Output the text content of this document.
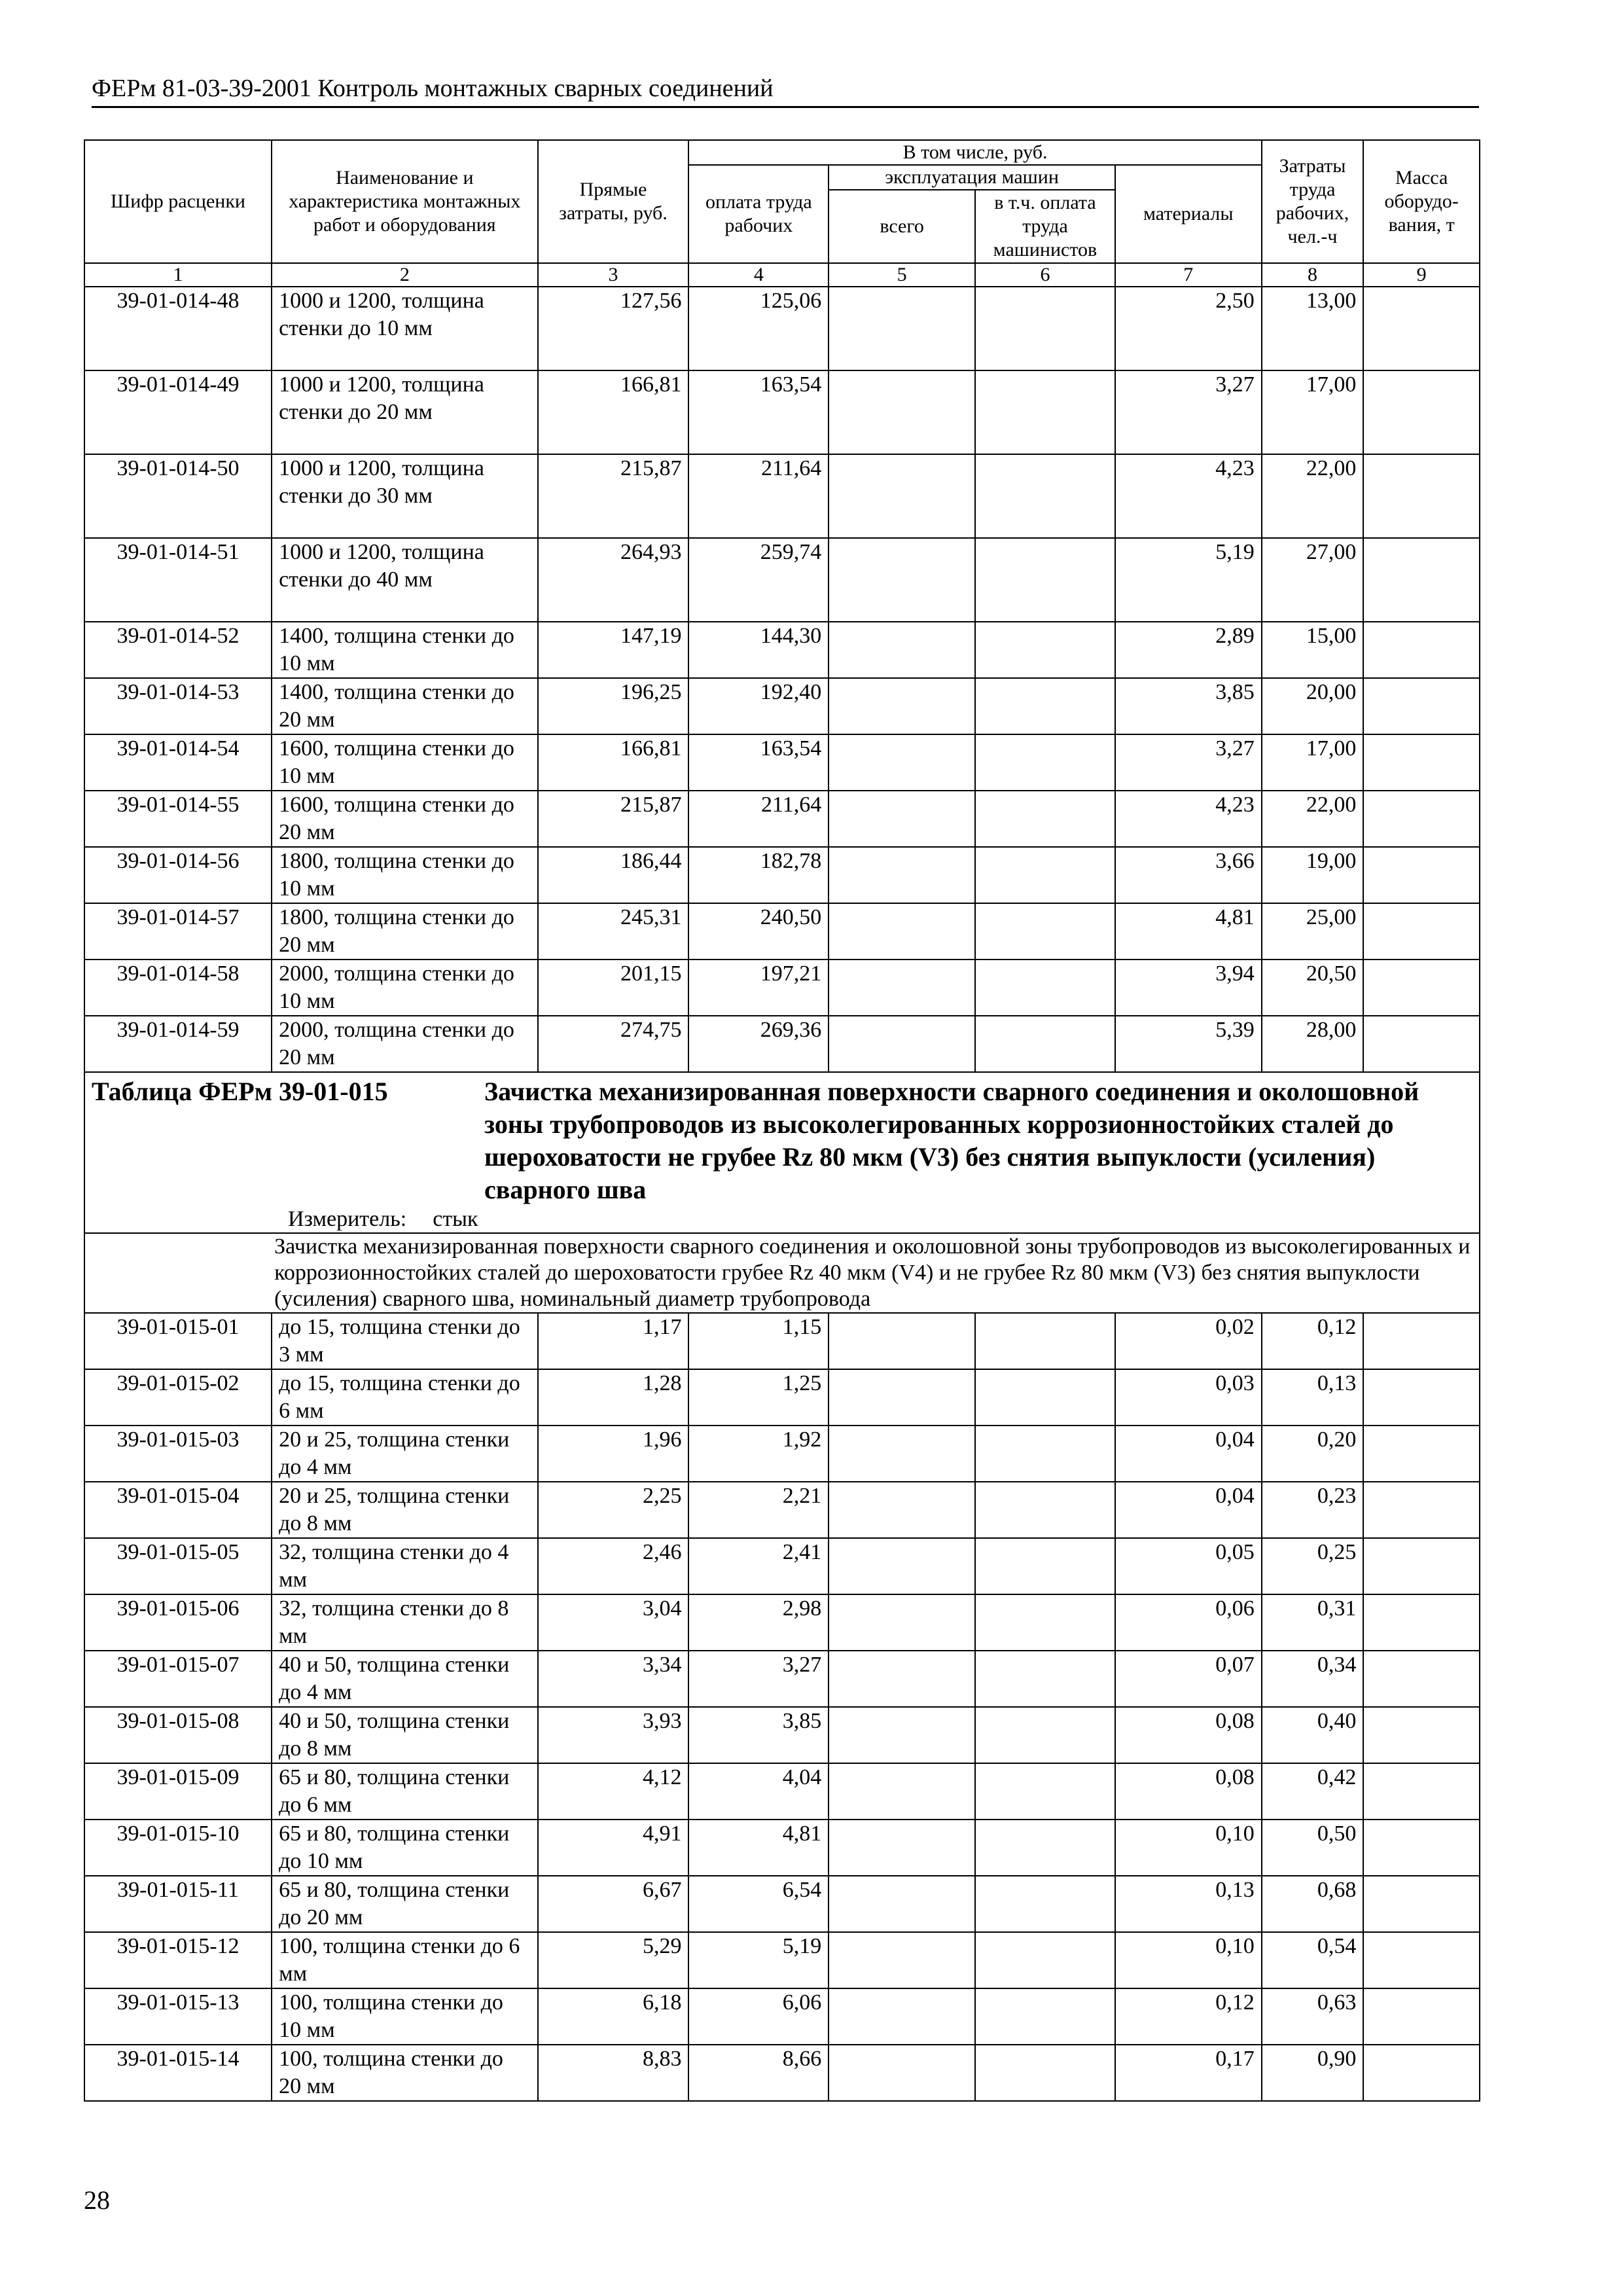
ФЕРм 81-03-39-2001 Контроль монтажных сварных соединений
Шифр расценки	Наименование и характеристика монтажных работ и оборудования	Прямые затраты, руб.	В том числе, руб.				Затраты труда рабочих, чел.-ч	Масса оборудо-вания, т
			оплата труда рабочих	эксплуатация машин		материалы		
				всего	в т.ч. оплата труда машинистов			
1	2	3	4	5	6	7	8	9
39-01-014-48	1000 и 1200, толщина стенки до 10 мм	127,56	125,06			2,50	13,00	
39-01-014-49	1000 и 1200, толщина стенки до 20 мм	166,81	163,54			3,27	17,00	
39-01-014-50	1000 и 1200, толщина стенки до 30 мм	215,87	211,64			4,23	22,00	
39-01-014-51	1000 и 1200, толщина стенки до 40 мм	264,93	259,74			5,19	27,00	
39-01-014-52	1400, толщина стенки до 10 мм	147,19	144,30			2,89	15,00	
39-01-014-53	1400, толщина стенки до 20 мм	196,25	192,40			3,85	20,00	
39-01-014-54	1600, толщина стенки до 10 мм	166,81	163,54			3,27	17,00	
39-01-014-55	1600, толщина стенки до 20 мм	215,87	211,64			4,23	22,00	
39-01-014-56	1800, толщина стенки до 10 мм	186,44	182,78			3,66	19,00	
39-01-014-57	1800, толщина стенки до 20 мм	245,31	240,50			4,81	25,00	
39-01-014-58	2000, толщина стенки до 10 мм	201,15	197,21			3,94	20,50	
39-01-014-59	2000, толщина стенки до 20 мм	274,75	269,36			5,39	28,00	

Таблица ФЕРм 39-01-015 Зачистка механизированная поверхности сварного соединения и околошовной зоны трубопроводов из высоколегированных коррозионностойких сталей до шероховатости не грубее Rz 80 мкм (V3) без снятия выпуклости (усиления) сварного шва
Измеритель: стык								

	Зачистка механизированная поверхности сварного соединения и околошовной зоны трубопроводов из высоколегированных и коррозионностойких сталей до шероховатости грубее Rz 40 мкм (V4) и не грубее Rz 80 мкм (V3) без снятия выпуклости (усиления) сварного шва, номинальный диаметр трубопровода							
39-01-015-01	до 15, толщина стенки до 3 мм	1,17	1,15			0,02	0,12	
39-01-015-02	до 15, толщина стенки до 6 мм	1,28	1,25			0,03	0,13	
39-01-015-03	20 и 25, толщина стенки до 4 мм	1,96	1,92			0,04	0,20	
39-01-015-04	20 и 25, толщина стенки до 8 мм	2,25	2,21			0,04	0,23	
39-01-015-05	32, толщина стенки до 4 мм	2,46	2,41			0,05	0,25	
39-01-015-06	32, толщина стенки до 8 мм	3,04	2,98			0,06	0,31	
39-01-015-07	40 и 50, толщина стенки до 4 мм	3,34	3,27			0,07	0,34	
39-01-015-08	40 и 50, толщина стенки до 8 мм	3,93	3,85			0,08	0,40	
39-01-015-09	65 и 80, толщина стенки до 6 мм	4,12	4,04			0,08	0,42	
39-01-015-10	65 и 80, толщина стенки до 10 мм	4,91	4,81			0,10	0,50	
39-01-015-11	65 и 80, толщина стенки до 20 мм	6,67	6,54			0,13	0,68	
39-01-015-12	100, толщина стенки до 6 мм	5,29	5,19			0,10	0,54	
39-01-015-13	100, толщина стенки до 10 мм	6,18	6,06			0,12	0,63	
39-01-015-14	100, толщина стенки до 20 мм	8,83	8,66			0,17	0,90	
28
